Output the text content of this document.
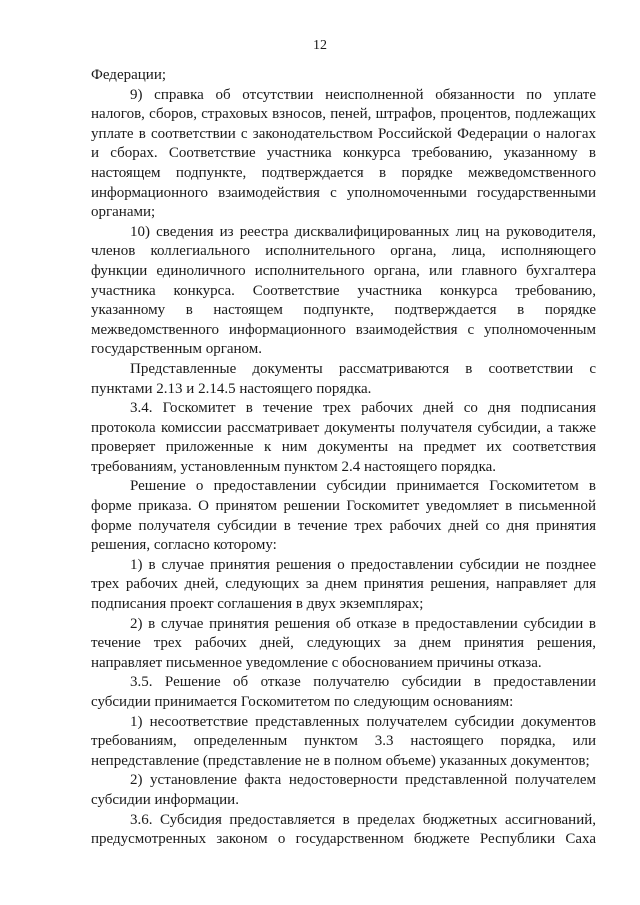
12

Федерации;

9) справка об отсутствии неисполненной обязанности по уплате налогов, сборов, страховых взносов, пеней, штрафов, процентов, подлежащих уплате в соответствии с законодательством Российской Федерации о налогах и сборах. Соответствие участника конкурса требованию, указанному в настоящем подпункте, подтверждается в порядке межведомственного информационного взаимодействия с уполномоченными государственными органами;

10) сведения из реестра дисквалифицированных лиц на руководителя, членов коллегиального исполнительного органа, лица, исполняющего функции единоличного исполнительного органа, или главного бухгалтера участника конкурса. Соответствие участника конкурса требованию, указанному в настоящем подпункте, подтверждается в порядке межведомственного информационного взаимодействия с уполномоченным государственным органом.

Представленные документы рассматриваются в соответствии с пунктами 2.13 и 2.14.5 настоящего порядка.

3.4. Госкомитет в течение трех рабочих дней со дня подписания протокола комиссии рассматривает документы получателя субсидии, а также проверяет приложенные к ним документы на предмет их соответствия требованиям, установленным пунктом 2.4 настоящего порядка.

Решение о предоставлении субсидии принимается Госкомитетом в форме приказа. О принятом решении Госкомитет уведомляет в письменной форме получателя субсидии в течение трех рабочих дней со дня принятия решения, согласно которому:

1) в случае принятия решения о предоставлении субсидии не позднее трех рабочих дней, следующих за днем принятия решения, направляет для подписания проект соглашения в двух экземплярах;

2) в случае принятия решения об отказе в предоставлении субсидии в течение трех рабочих дней, следующих за днем принятия решения, направляет письменное уведомление с обоснованием причины отказа.

3.5. Решение об отказе получателю субсидии в предоставлении субсидии принимается Госкомитетом по следующим основаниям:

1) несоответствие представленных получателем субсидии документов требованиям, определенным пунктом 3.3 настоящего порядка, или непредставление (представление не в полном объеме) указанных документов;

2) установление факта недостоверности представленной получателем субсидии информации.

3.6. Субсидия предоставляется в пределах бюджетных ассигнований, предусмотренных законом о государственном бюджете Республики Саха
